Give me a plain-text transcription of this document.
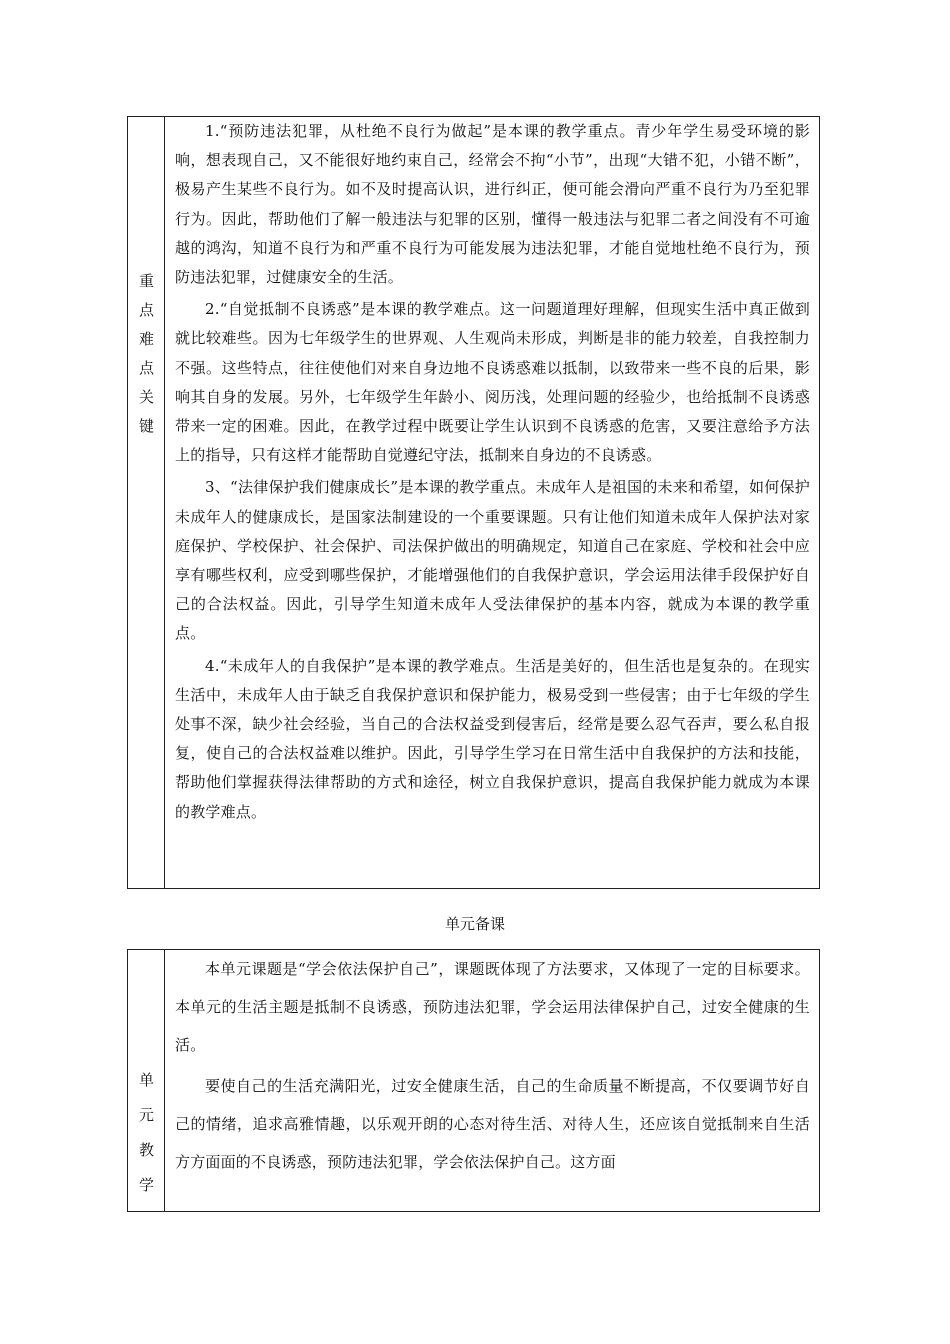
重
点
难
点
关
键

1.“预防违法犯罪，从杜绝不良行为做起”是本课的教学重点。青少年学生易受环境的影响，想表现自己，又不能很好地约束自己，经常会不拘“小节”，出现“大错不犯，小错不断”，极易产生某些不良行为。如不及时提高认识，进行纠正，便可能会滑向严重不良行为乃至犯罪行为。因此，帮助他们了解一般违法与犯罪的区别，懂得一般违法与犯罪二者之间没有不可逾越的鸿沟，知道不良行为和严重不良行为可能发展为违法犯罪，才能自觉地杜绝不良行为，预防违法犯罪，过健康安全的生活。

2.“自觉抵制不良诱惑”是本课的教学难点。这一问题道理好理解，但现实生活中真正做到就比较难些。因为七年级学生的世界观、人生观尚未形成，判断是非的能力较差，自我控制力不强。这些特点，往往使他们对来自身边地不良诱惑难以抵制，以致带来一些不良的后果，影响其自身的发展。另外，七年级学生年龄小、阅历浅，处理问题的经验少，也给抵制不良诱惑带来一定的困难。因此，在教学过程中既要让学生认识到不良诱惑的危害，又要注意给予方法上的指导，只有这样才能帮助自觉遵纪守法，抵制来自身边的不良诱惑。

3、“法律保护我们健康成长”是本课的教学重点。未成年人是祖国的未来和希望，如何保护未成年人的健康成长，是国家法制建设的一个重要课题。只有让他们知道未成年人保护法对家庭保护、学校保护、社会保护、司法保护做出的明确规定，知道自己在家庭、学校和社会中应享有哪些权利，应受到哪些保护，才能增强他们的自我保护意识，学会运用法律手段保护好自己的合法权益。因此，引导学生知道未成年人受法律保护的基本内容，就成为本课的教学重点。

4.“未成年人的自我保护”是本课的教学难点。生活是美好的，但生活也是复杂的。在现实生活中，未成年人由于缺乏自我保护意识和保护能力，极易受到一些侵害；由于七年级的学生处事不深，缺少社会经验，当自己的合法权益受到侵害后，经常是要么忍气吞声，要么私自报复，使自己的合法权益难以维护。因此，引导学生学习在日常生活中自我保护的方法和技能，帮助他们掌握获得法律帮助的方式和途径，树立自我保护意识，提高自我保护能力就成为本课的教学难点。

单元备课
单
元
教
学

本单元课题是“学会依法保护自己”，课题既体现了方法要求，又体现了一定的目标要求。本单元的生活主题是抵制不良诱惑，预防违法犯罪，学会运用法律保护自己，过安全健康的生活。

要使自己的生活充满阳光，过安全健康生活，自己的生命质量不断提高，不仅要调节好自己的情绪，追求高雅情趣，以乐观开朗的心态对待生活、对待人生，还应该自觉抵制来自生活方方面面的不良诱惑，预防违法犯罪，学会依法保护自己。这方面
